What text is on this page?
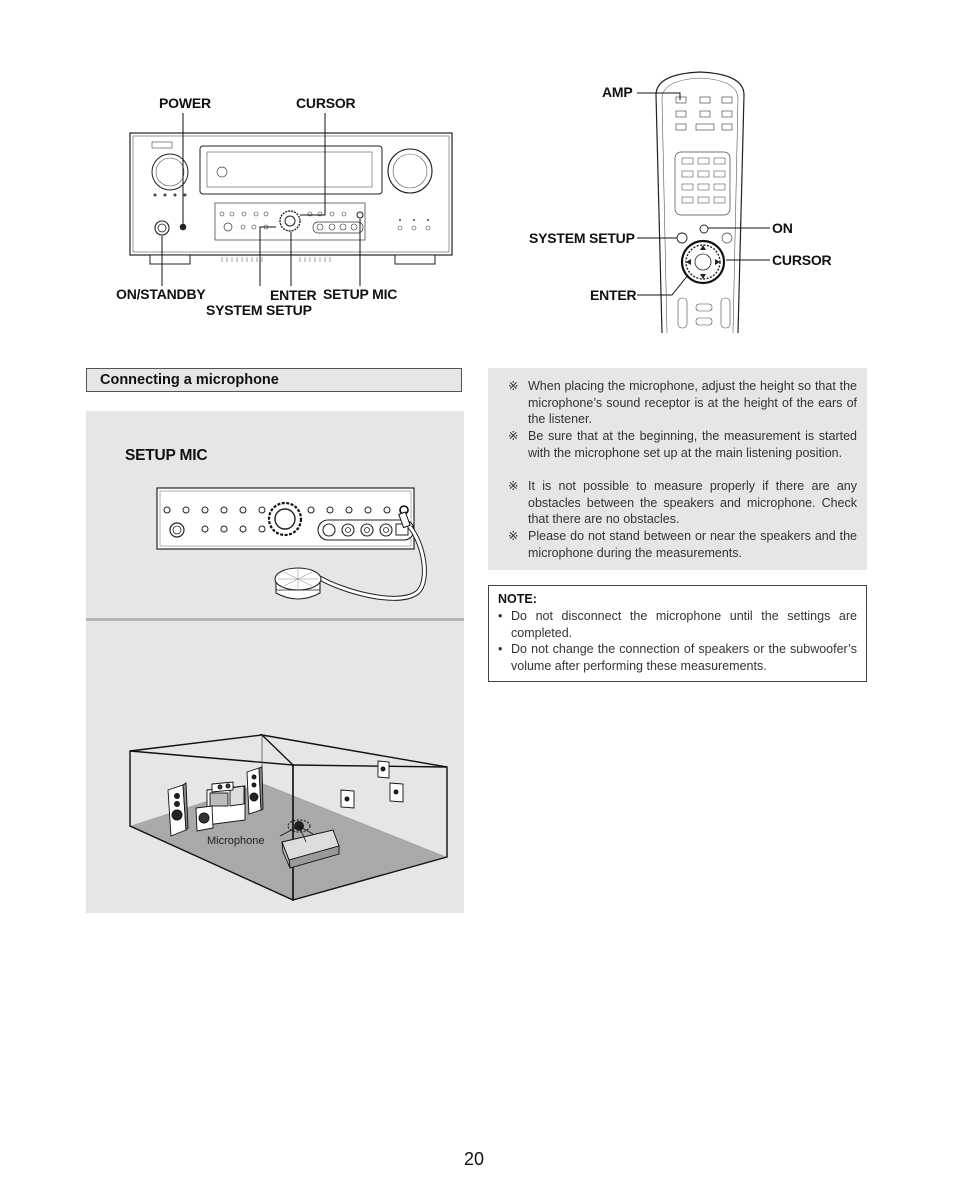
POWER	CURSOR
ON/STANDBY	ENTER SETUP MIC
SYSTEM SETUP
AMP
SYSTEM SETUP
ON
CURSOR
ENTER
Connecting a microphone
SETUP MIC
Microphone
※ When placing the microphone, adjust the height so that the microphone’s sound receptor is at the height of the ears of the listener.
※ Be sure that at the beginning, the measurement is started with the microphone set up at the main listening position.
※ It is not possible to measure properly if there are any obstacles between the speakers and microphone. Check that there are no obstacles.
※ Please do not stand between or near the speakers and the microphone during the measurements.
NOTE:
• Do not disconnect the microphone until the settings are completed.
• Do not change the connection of speakers or the subwoofer’s volume after performing these measurements.
20
